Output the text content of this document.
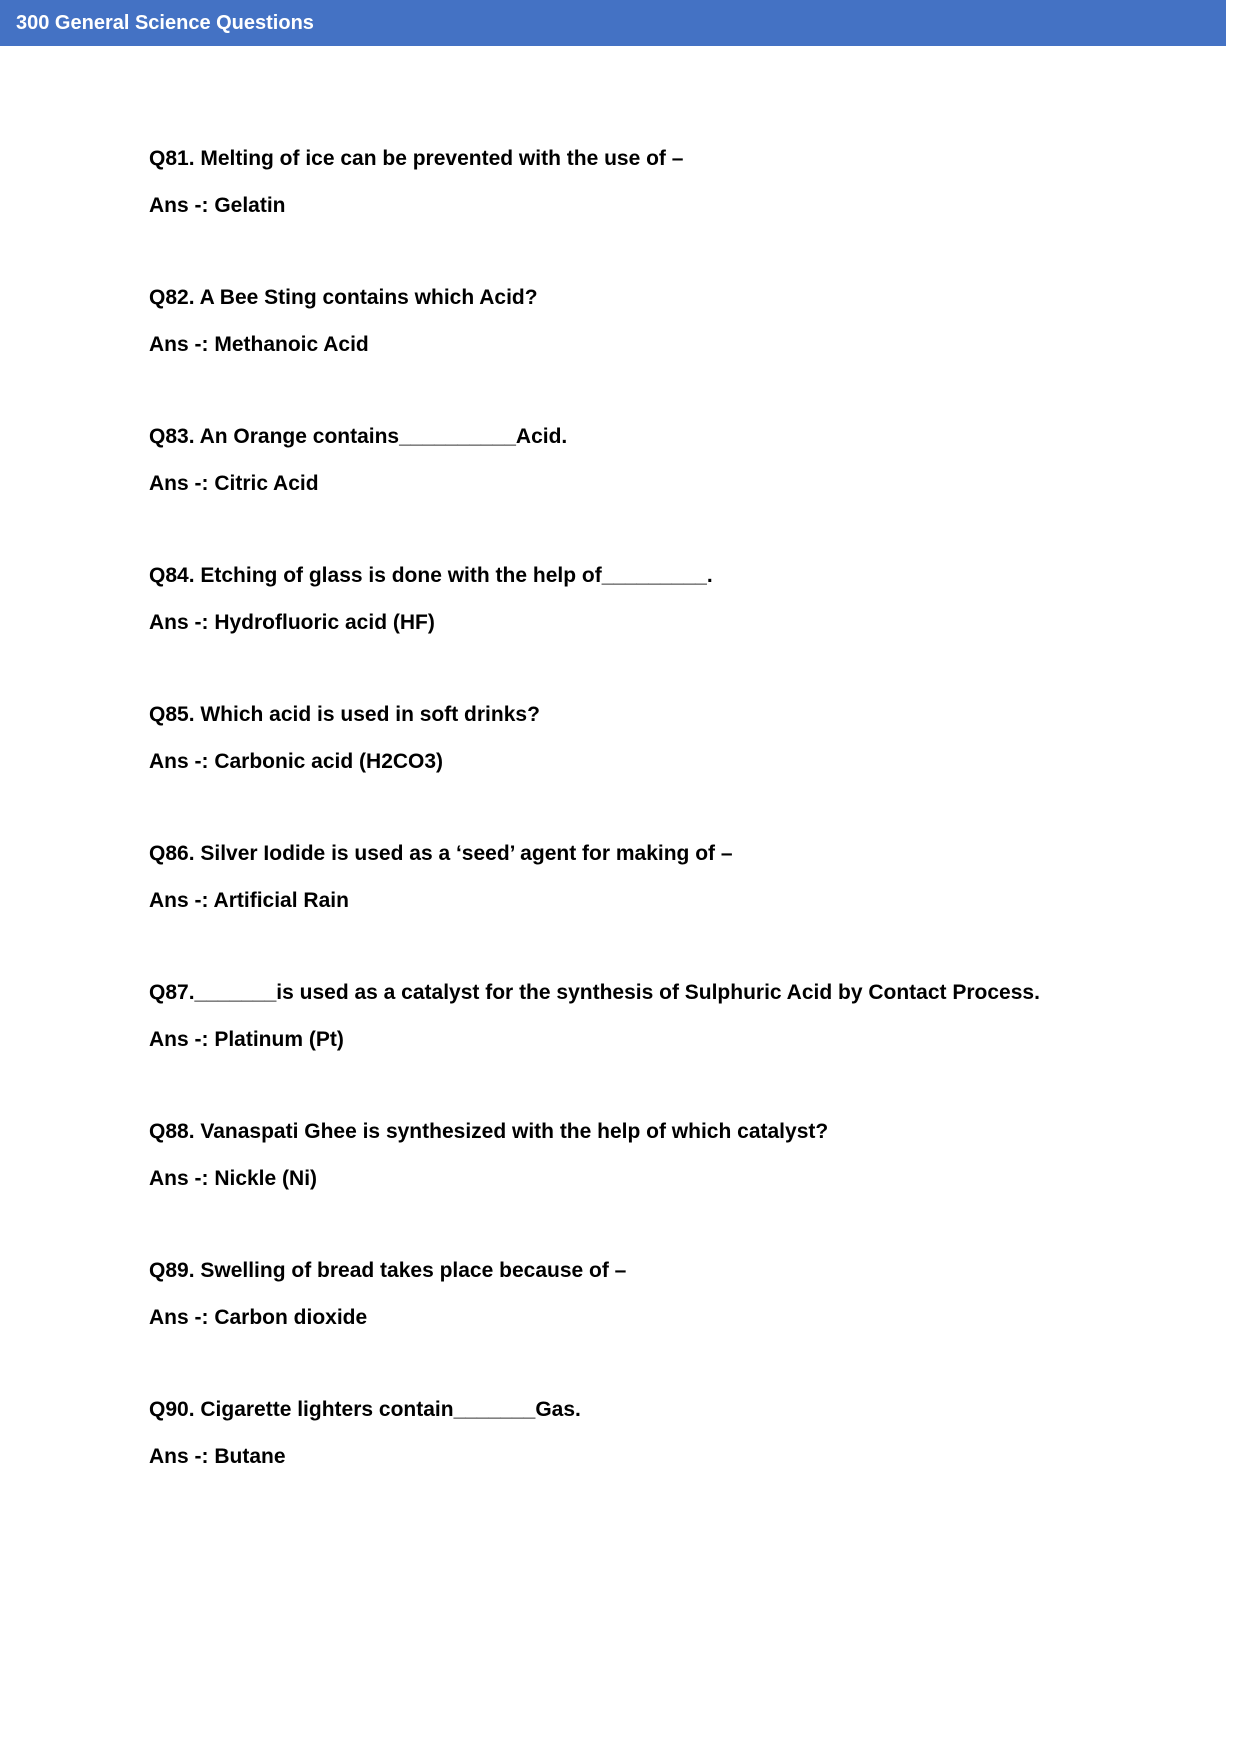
300 General Science Questions
Q81. Melting of ice can be prevented with the use of –
Ans -: Gelatin
Q82. A Bee Sting contains which Acid?
Ans -: Methanoic Acid
Q83. An Orange contains__________Acid.
Ans -: Citric Acid
Q84. Etching of glass is done with the help of_________.
Ans -: Hydrofluoric acid (HF)
Q85. Which acid is used in soft drinks?
Ans -: Carbonic acid (H2CO3)
Q86. Silver Iodide is used as a ‘seed’ agent for making of –
Ans -: Artificial Rain
Q87._______is used as a catalyst for the synthesis of Sulphuric Acid by Contact Process.
Ans -: Platinum (Pt)
Q88. Vanaspati Ghee is synthesized with the help of which catalyst?
Ans -: Nickle (Ni)
Q89. Swelling of bread takes place because of –
Ans -: Carbon dioxide
Q90. Cigarette lighters contain_______Gas.
Ans -: Butane
